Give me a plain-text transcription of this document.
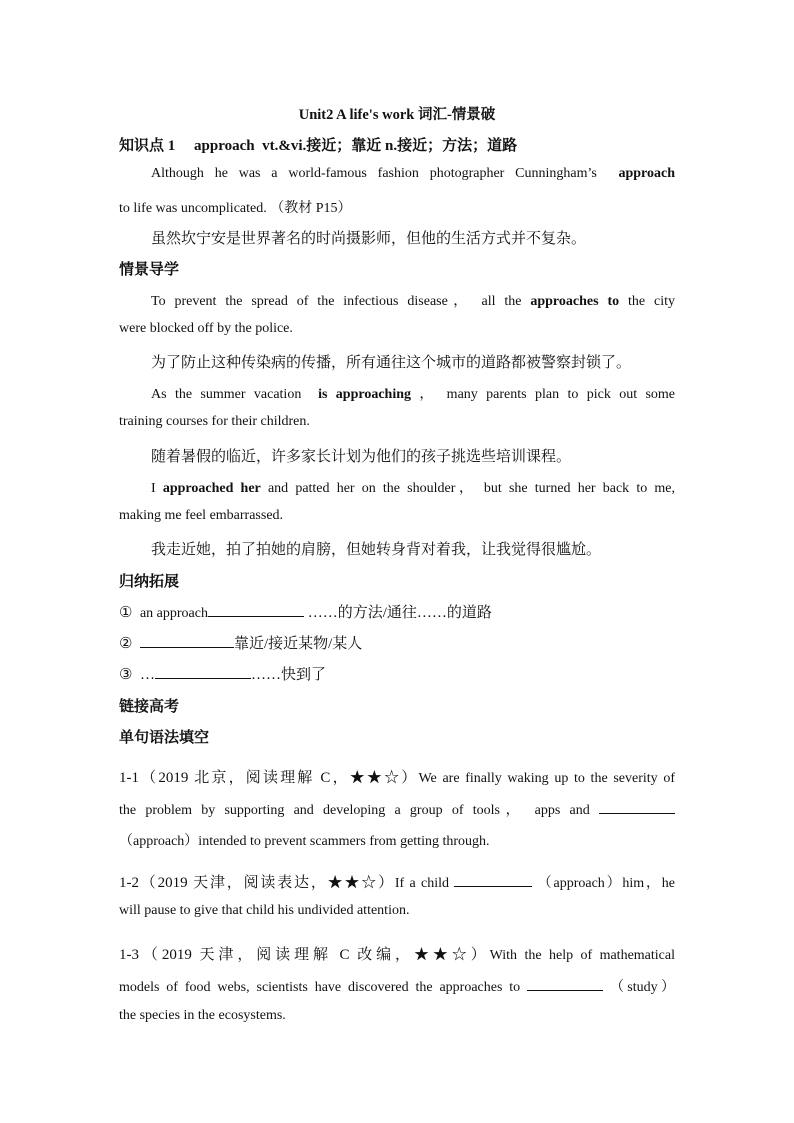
Unit2 A life's work 词汇-情景破
知识点 1 approach vt.&vi.接近；靠近 n.接近；方法；道路
Although he was a world-famous fashion photographer Cunningham’s approach
to life was uncomplicated. （教材 P15）
虽然坎宁安是世界著名的时尚摄影师，但他的生活方式并不复杂。
情景导学
To prevent the spread of the infectious disease， all the approaches to the city
were blocked off by the police.
为了防止这种传染病的传播，所有通往这个城市的道路都被警察封锁了。
As the summer vacation is approaching ， many parents plan to pick out some
training courses for their children.
随着暑假的临近，许多家长计划为他们的孩子挑选些培训课程。
I approached her and patted her on the shoulder， but she turned her back to me,
making me feel embarrassed.
我走近她，拍了拍她的肩膀，但她转身背对着我，让我觉得很尴尬。
归纳拓展
① an approach	……的方法/通往……的道路
②	靠近/接近某物/某人
③ …	……快到了
链接高考
单句语法填空
1-1（2019 北京，阅读理解 C，★★☆）We are finally waking up to the severity of
the problem by supporting and developing a group of tools， apps and
（approach）intended to prevent scammers from getting through.
1-2（2019 天津，阅读表达，★★☆）If a child	（approach）him，he
will pause to give that child his undivided attention.
1-3（2019 天津，阅读理解 C 改编，★★☆）With the help of mathematical
models of food webs, scientists have discovered the approaches to	（study）
the species in the ecosystems.
